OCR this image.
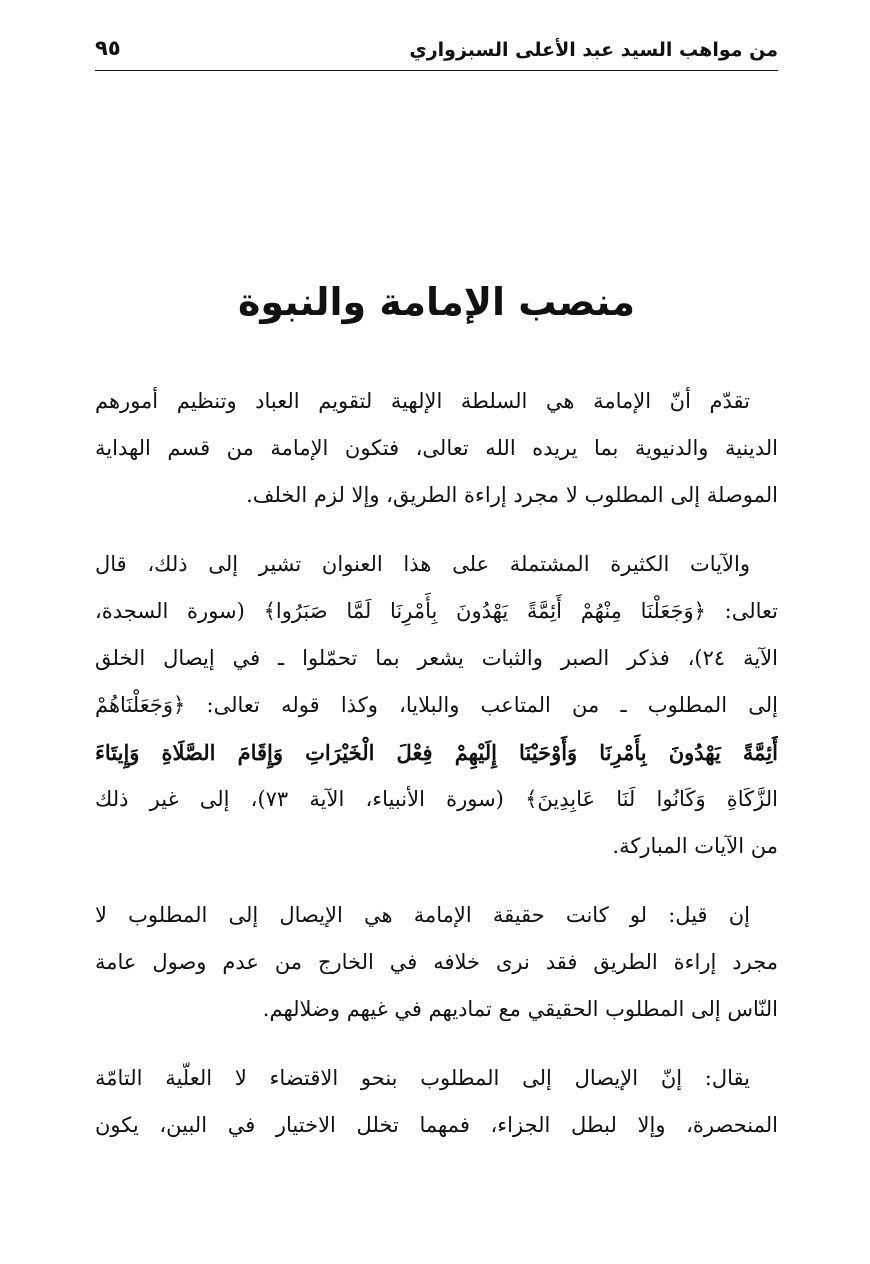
من مواهب السيد عبد الأعلى السبزواري
٩٥
منصب الإمامة والنبوة
تقدّم أنّ الإمامة هي السلطة الإلهية لتقويم العباد وتنظيم أمورهم
الدينية والدنيوية بما يريده الله تعالى، فتكون الإمامة من قسم الهداية
الموصلة إلى المطلوب لا مجرد إراءة الطريق، وإلا لزم الخلف.
والآيات الكثيرة المشتملة على هذا العنوان تشير إلى ذلك، قال
تعالى: ﴿وَجَعَلْنَا مِنْهُمْ أَئِمَّةً يَهْدُونَ بِأَمْرِنَا لَمَّا صَبَرُوا﴾ (سورة السجدة،
الآية ٢٤)، فذكر الصبر والثبات يشعر بما تحمّلوا ـ في إيصال الخلق
إلى المطلوب ـ من المتاعب والبلايا، وكذا قوله تعالى: ﴿وَجَعَلْنَاهُمْ
أَئِمَّةً يَهْدُونَ بِأَمْرِنَا وَأَوْحَيْنَا إِلَيْهِمْ فِعْلَ الْخَيْرَاتِ وَإِقَامَ الصَّلَاةِ وَإِيتَاءَ
الزَّكَاةِ وَكَانُوا لَنَا عَابِدِينَ﴾ (سورة الأنبياء، الآية ٧٣)، إلى غير ذلك
من الآيات المباركة.
إن قيل: لو كانت حقيقة الإمامة هي الإيصال إلى المطلوب لا
مجرد إراءة الطريق فقد نرى خلافه في الخارج من عدم وصول عامة
النّاس إلى المطلوب الحقيقي مع تماديهم في غيهم وضلالهم.
يقال: إنّ الإيصال إلى المطلوب بنحو الاقتضاء لا العلّية التامّة
المنحصرة، وإلا لبطل الجزاء، فمهما تخلل الاختيار في البين، يكون
